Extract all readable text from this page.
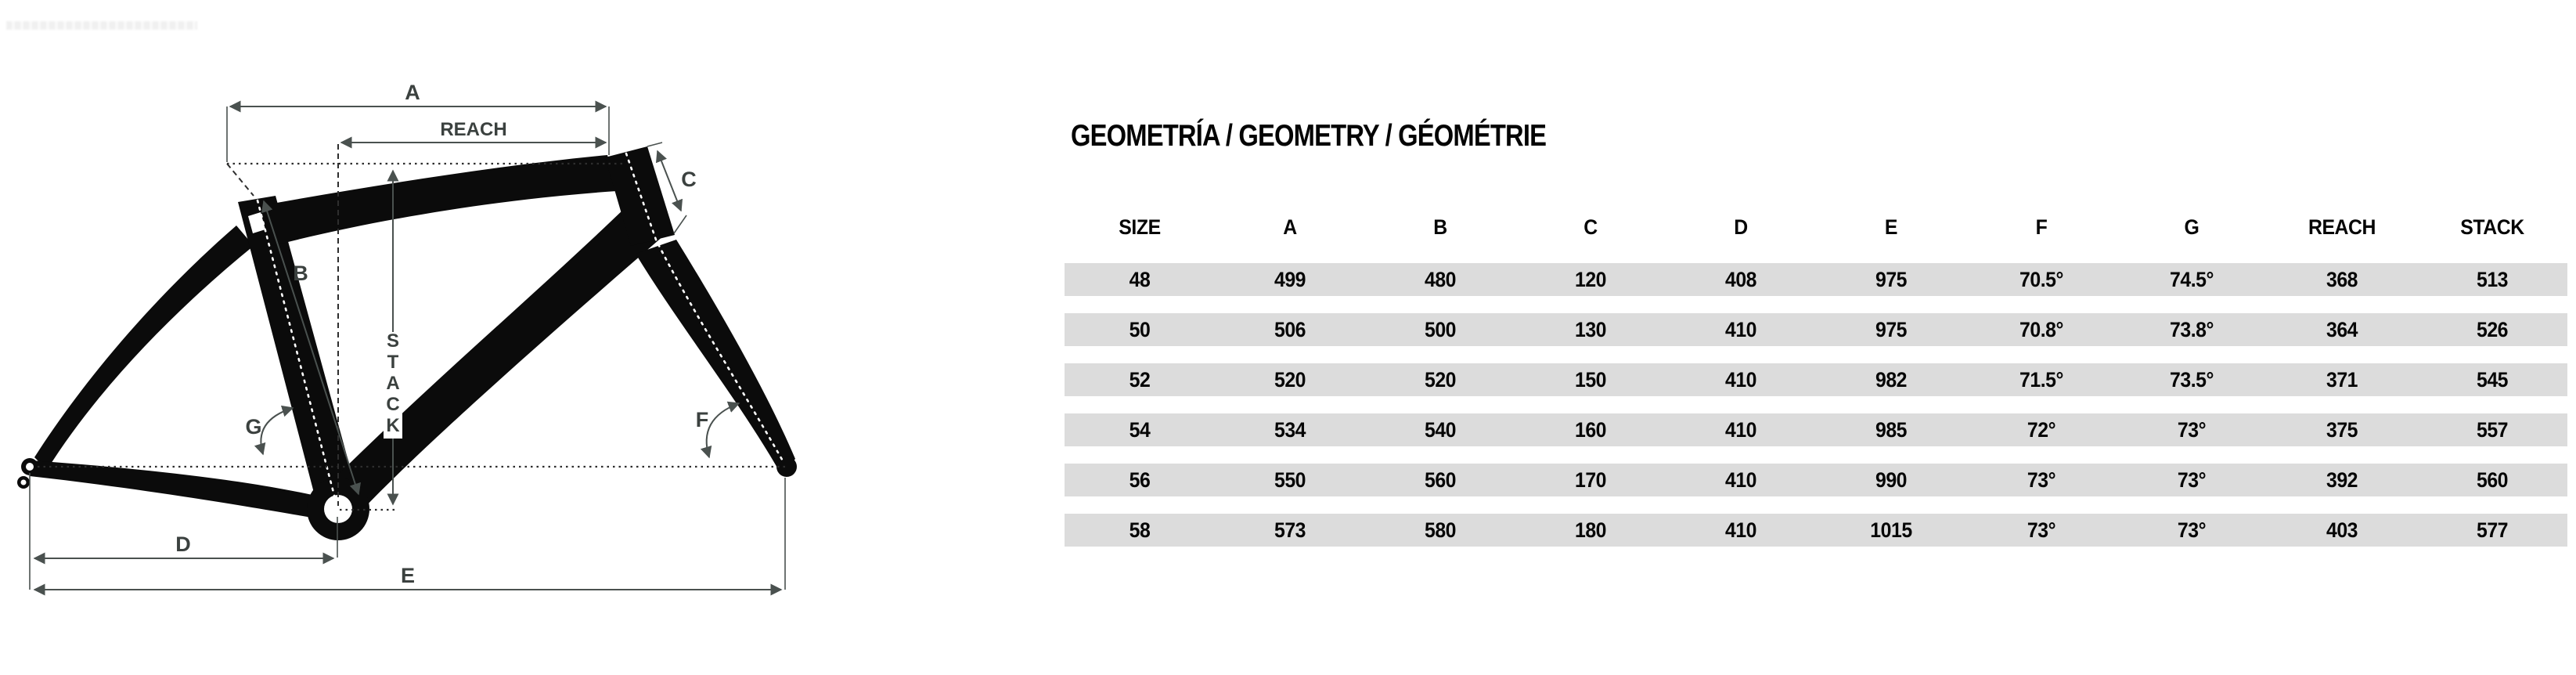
A
REACH
B
C
S
T
A
C
K
G	F
D
E
GEOMETRÍA / GEOMETRY / GÉOMÉTRIE
SIZE	A	B	C	D	E	F	G	REACH	STACK
48	499	480	120	408	975	70.5°	74.5°	368	513
50	506	500	130	410	975	70.8°	73.8°	364	526
52	520	520	150	410	982	71.5°	73.5°	371	545
54	534	540	160	410	985	72°	73°	375	557
56	550	560	170	410	990	73°	73°	392	560
58	573	580	180	410	1015	73°	73°	403	577
